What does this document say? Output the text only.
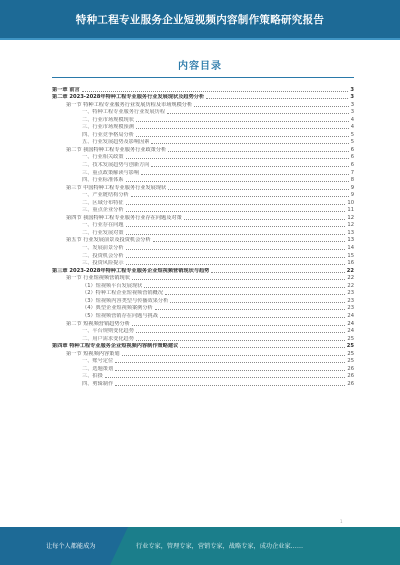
特种工程专业服务企业短视频内容制作策略研究报告
内容目录
第一章 前言	3
第二章 2023-2028年特种工程专业服务行业发展现状及趋势分析	3
第一节 特种工程专业服务行业发展历程及市场规模分析	3
一、特种工程专业服务行业发展历程	3
二、行业市场规模现状	4
三、行业市场规模预测	4
四、行业竞争格局分析	5
五、行业发展趋势及影响因素	5
第二节 我国特种工程专业服务行业政策分析	6
一、行业相关政策	6
二、技术发展趋势与创新方向	6
三、重点政策解读与影响	7
四、行业标准体系	8
第三节 中国特种工程专业服务行业发展现状	9
一、产业链结构分析	9
二、区域分布特征	10
三、重点企业分析	11
第四节 我国特种工程专业服务行业存在问题及对策	12
一、行业存在问题	12
二、行业发展对策	13
第五节 行业发展前景及投资机会分析	13
一、发展前景分析	14
二、投资机会分析	15
三、投资风险提示	16
第三章 2023-2028年特种工程专业服务企业短视频营销现状与趋势	22
第一节 行业短视频营销现状	22
（1）短视频平台发展现状	22
（2）特种工程企业短视频营销概况	23
（3）短视频内容类型与传播效果分析	23
（4）典型企业短视频案例分析	23
（5）短视频营销存在问题与挑战	24
第二节 短视频营销趋势分析	24
一、平台规则变化趋势	24
二、用户需求变化趋势	25
第四章 特种工程专业服务企业短视频内容制作策略建议	25
第一节 短视频内容策划	25
一、账号定位	25
二、选题策划	26
三、拍摄	26
四、剪辑制作	26
1
让每个人都能成为	行业专家，管理专家，营销专家，战略专家，成功企业家……
